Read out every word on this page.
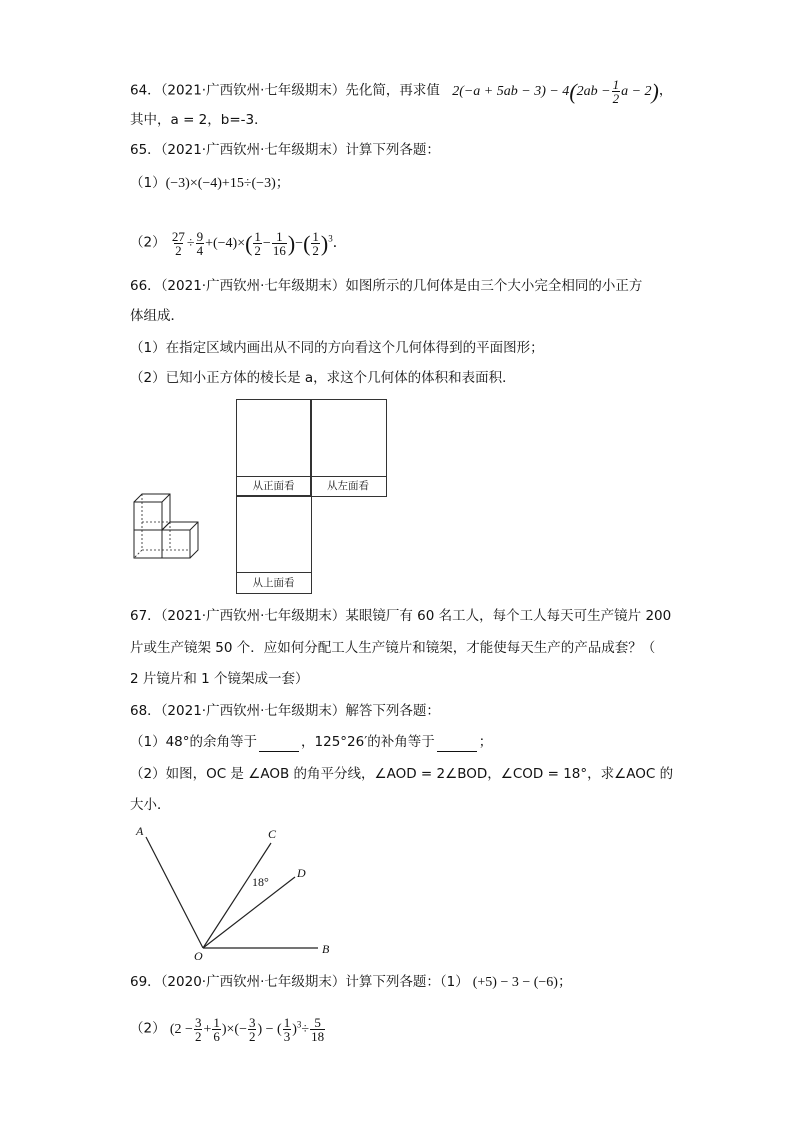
64．（2021·广西钦州·七年级期末）先化简，再求值 $2(-a + 5ab - 3) - 4(2ab - \frac{1}{2}$ a − 2)，
其中，a = 2，b=-3．
65．（2021·广西钦州·七年级期末）计算下列各题：
（1）(−3)×(−4)+15÷(−3)；
$(2) \frac{27}{2} \div \frac{9}{4} +(-4)\times( \frac{1}{2} - \frac{1}{16}$ )−( $\frac{1}{2} )^3$．
66．（2021·广西钦州·七年级期末）如图所示的几何体是由三个大小完全相同的小正方
体组成．
（1）在指定区域内画出从不同的方向看这个几何体得到的平面图形；
（2）已知小正方体的棱长是 a，求这个几何体的体积和表面积．
从正面看	从左面看
从上面看
67．（2021·广西钦州·七年级期末）某眼镜厂有 60 名工人，每个工人每天可生产镜片 200
片或生产镜架 50 个．应如何分配工人生产镜片和镜架，才能使每天生产的产品成套？（
2 片镜片和 1 个镜架成一套）
68．（2021·广西钦州·七年级期末）解答下列各题：
（1）48°的余角等于	，125°26′的补角等于	；
（2）如图，OC 是 ∠AOB 的角平分线，∠AOD = 2∠BOD，∠COD = 18°，求∠AOC 的
大小．
A	C
D
O	B
18°
69．（2020·广西钦州·七年级期末）计算下列各题：（1） (+5) − 3 − (−6)；
（2） ($2 - \frac{3}{2} + \frac{1}{6}$ )×(− $\frac{3}{2}$ ) − ( $\frac{1}{3} )^3\div \frac{5}{18}$
